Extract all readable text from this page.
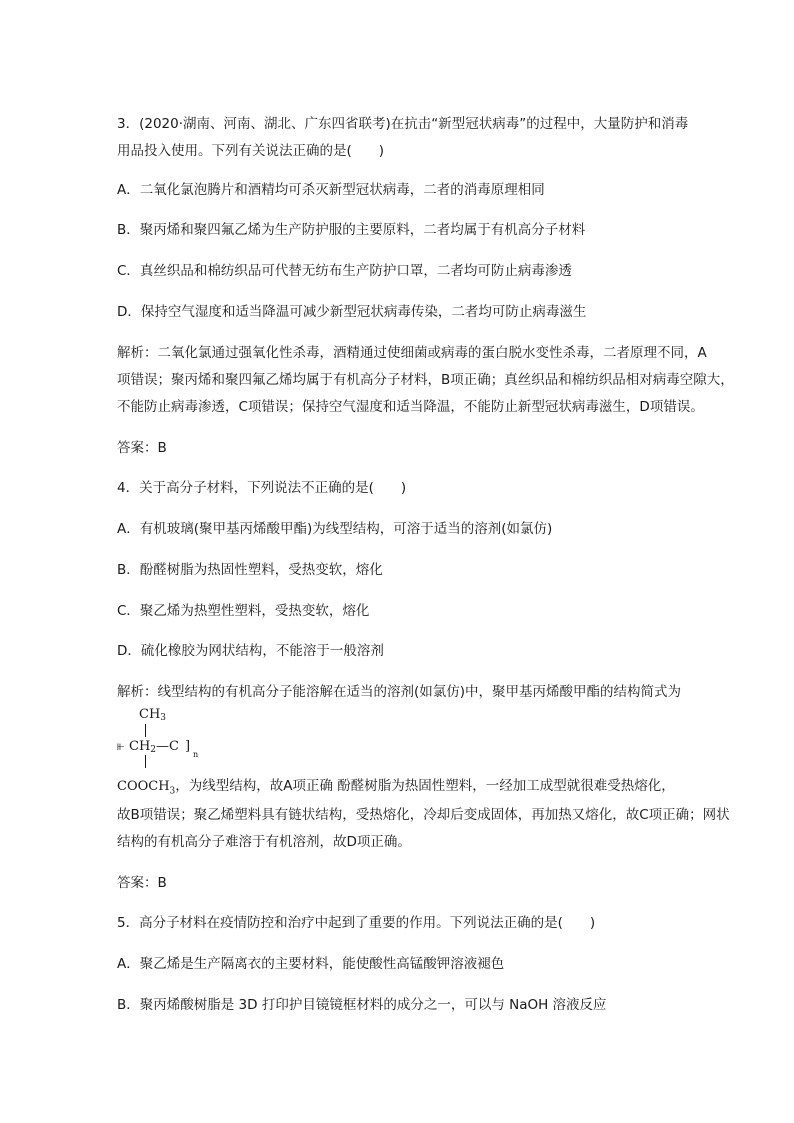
3．(2020·湖南、河南、湖北、广东四省联考)在抗击“新型冠状病毒”的过程中，大量防护和消毒
用品投入使用。下列有关说法正确的是(　　)
A．二氧化氯泡腾片和酒精均可杀灭新型冠状病毒，二者的消毒原理相同
B．聚丙烯和聚四氟乙烯为生产防护服的主要原料，二者均属于有机高分子材料
C．真丝织品和棉纺织品可代替无纺布生产防护口罩，二者均可防止病毒渗透
D．保持空气湿度和适当降温可减少新型冠状病毒传染，二者均可防止病毒滋生
解析：二氧化氯通过强氧化性杀毒，酒精通过使细菌或病毒的蛋白脱水变性杀毒，二者原理不同，A
项错误；聚丙烯和聚四氟乙烯均属于有机高分子材料，B项正确；真丝织品和棉纺织品相对病毒空隙大，
不能防止病毒渗透，C项错误；保持空气湿度和适当降温，不能防止新型冠状病毒滋生，D项错误。
答案：B
4．关于高分子材料，下列说法不正确的是(　　)
A．有机玻璃(聚甲基丙烯酸甲酯)为线型结构，可溶于适当的溶剂(如氯仿)
B．酚醛树脂为热固性塑料，受热变软，熔化
C．聚乙烯为热塑性塑料，受热变软，熔化
D．硫化橡胶为网状结构，不能溶于一般溶剂
解析：线型结构的有机高分子能溶解在适当的溶剂(如氯仿)中，聚甲基丙烯酸甲酯的结构简式为
$CH_3$
⫦ $CH_2—C$ ]
n
$COOCH_3$，为线型结构，故A项正确 酚醛树脂为热固性塑料，一经加工成型就很难受热熔化，
故B项错误；聚乙烯塑料具有链状结构，受热熔化，冷却后变成固体，再加热又熔化，故C项正确；网状
结构的有机高分子难溶于有机溶剂，故D项正确。
答案：B
5．高分子材料在疫情防控和治疗中起到了重要的作用。下列说法正确的是(　　)
A．聚乙烯是生产隔离衣的主要材料，能使酸性高锰酸钾溶液褪色
B．聚丙烯酸树脂是 3D 打印护目镜镜框材料的成分之一，可以与 NaOH 溶液反应
